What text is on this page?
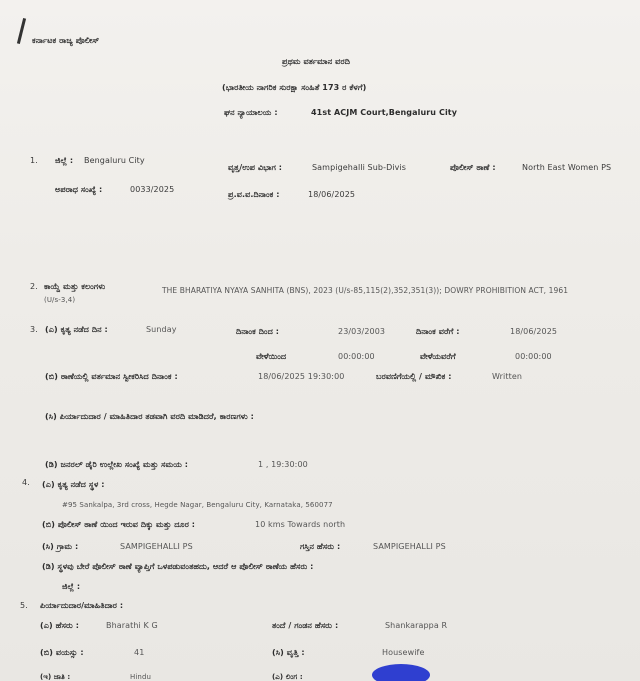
ಕರ್ನಾಟಕ ರಾಜ್ಯ ಪೊಲೀಸ್
ಪ್ರಥಮ ವರ್ತಮಾನ ವರದಿ
(ಭಾರತೀಯ ನಾಗರಿಕ ಸುರಕ್ಷಾ ಸಂಹಿತೆ 173 ರ ಕೆಳಗೆ)
ಘನ ನ್ಯಾಯಾಲಯ :	41st ACJM Court,Bengaluru City
1. ಜಿಲ್ಲೆ : Bengaluru City
ವೃತ್ತ/ಉಪ ವಿಭಾಗ :	Sampigehalli Sub-Divis	ಪೊಲೀಸ್ ಠಾಣೆ :	North East Women PS
ಅಪರಾಧ ಸಂಖ್ಯೆ :	0033/2025
ಪ್ರ.ವ.ವ.ದಿನಾಂಕ :	18/06/2025
2. ಕಾಯ್ದೆ ಮತ್ತು ಕಲಂಗಳು	THE BHARATIYA NYAYA SANHITA (BNS), 2023 (U/s-85,115(2),352,351(3)); DOWRY PROHIBITION ACT, 1961
(U/s-3,4)
3. (ಎ) ಕೃತ್ಯ ನಡೆದ ದಿನ :	Sunday	ದಿನಾಂಕ ದಿಂದ :	23/03/2003	ದಿನಾಂಕ ವರೆಗೆ :	18/06/2025
ವೇಳೆಯಿಂದ	00:00:00	ವೇಳೆಯವರೆಗೆ	00:00:00
(ಬಿ) ಠಾಣೆಯಲ್ಲಿ ವರ್ತಮಾನ ಸ್ವೀಕರಿಸಿದ ದಿನಾಂಕ :	18/06/2025 19:30:00	ಬರವಣಿಗೆಯಲ್ಲಿ / ಮೌಖಿಕ :	Written
(ಸಿ) ಪಿರ್ಯಾದುದಾರ / ಮಾಹಿತಿದಾರ ತಡವಾಗಿ ವರದಿ ಮಾಡಿದರೆ, ಕಾರಣಗಳು :
(ಡಿ) ಜನರಲ್ ಡೈರಿ ಉಲ್ಲೇಖ ಸಂಖ್ಯೆ ಮತ್ತು ಸಮಯ :	1 , 19:30:00
4. (ಎ) ಕೃತ್ಯ ನಡೆದ ಸ್ಥಳ :
#95 Sankalpa, 3rd cross, Hegde Nagar, Bengaluru City, Karnataka, 560077
(ಬಿ) ಪೊಲೀಸ್ ಠಾಣೆ ಯಿಂದ ಇರುವ ದಿಕ್ಕು ಮತ್ತು ದೂರ :	10 kms Towards north
(ಸಿ) ಗ್ರಾಮ :	SAMPIGEHALLI PS	ಗಸ್ತಿನ ಹೆಸರು :	SAMPIGEHALLI PS
(ಡಿ) ಸ್ಥಳವು ಬೇರೆ ಪೊಲೀಸ್ ಠಾಣೆ ವ್ಯಾಪ್ತಿಗೆ ಒಳಪಡುವಂತಹದು, ಆದರೆ ಆ ಪೊಲೀಸ್ ಠಾಣೆಯ ಹೆಸರು :
ಜಿಲ್ಲೆ :
5. ಪಿರ್ಯಾದುದಾರ/ಮಾಹಿತಿದಾರ :
(ಎ) ಹೆಸರು :	Bharathi K G	ತಂದೆ / ಗಂಡನ ಹೆಸರು :	Shankarappa R
(ಬಿ) ವಯಸ್ಸು :	41	(ಸಿ) ವೃತ್ತಿ :	Housewife
(ಇ) ಜಾತಿ :	Hindu	(ಎ) ಲಿಂಗ :
